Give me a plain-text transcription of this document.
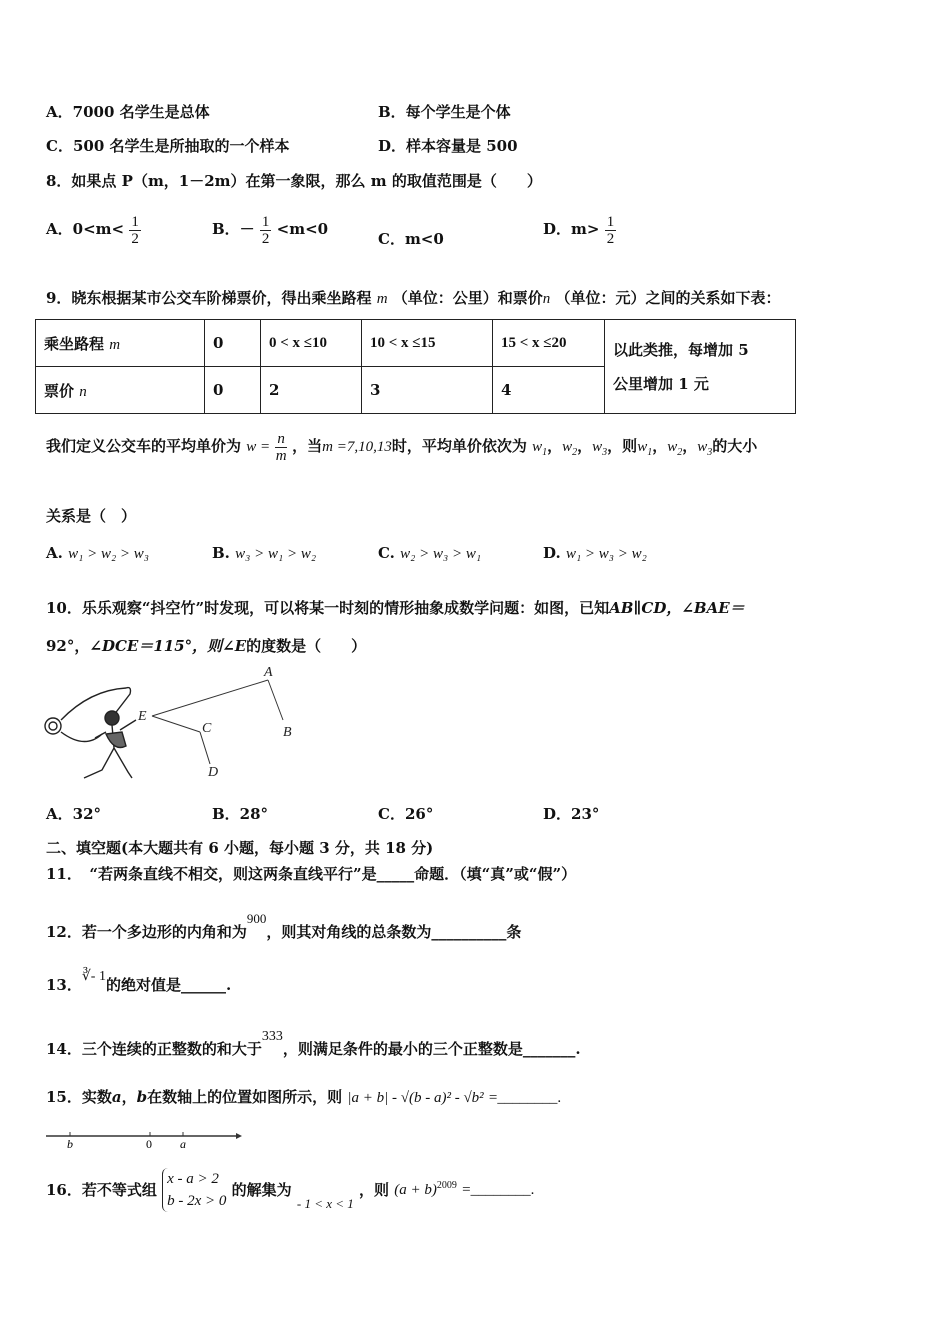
A．7000 名学生是总体	B．每个学生是个体
C．500 名学生是所抽取的一个样本	D．样本容量是 500
8．如果点 P（m，1－2m）在第一象限，那么 m 的取值范围是（　　）
A．$0<m< \frac{1}{2}$	B．－ $\frac{1}{2} <m<0$
C．m<0
D．$m> \frac{1}{2}$
9．晓东根据某市公交车阶梯票价，得出乘坐路程 m （单位：公里）和票价n （单位：元）之间的关系如下表：
乘坐路程 m	0	0 < x ≤10	10 < x ≤15	15 < x ≤20	以此类推，每增加 5
公里增加 1 元

票价 n	0	2	3	4	
我们定义公交车的平均单价为 $w = \frac{n}{m}$ ，当m =7,10,13时，平均单价依次为 $w_1$，$w_2$，$w_3$，则$w_1$，$w_2$，$w_3$的大小
关系是（　）
A. w₁ > w₂ > w₃	B. w₃ > w₁ > w₂	C. w₂ > w₃ > w₁	D. w₁ > w₃ > w₂
10．乐乐观察“抖空竹”时发现，可以将某一时刻的情形抽象成数学问题：如图，已知AB∥CD，∠BAE＝
92°，∠DCE＝115°，则∠E的度数是（　　）
A
B
C
D
E
A．32°	B．28°	C．26°	D．23°
二、填空题(本大题共有 6 小题，每小题 3 分，共 18 分)
11．　“若两条直线不相交，则这两条直线平行”是_____命题．（填“真”或“假”）
12．若一个多边形的内角和为$^{900}$，则其对角线的总条数为__________条
13．∛- 1的绝对值是______.
14．三个连续的正整数的和大于$^{333}$，则满足条件的最小的三个正整数是_______.
15．实数a，b在数轴上的位置如图所示，则 |a + b| - √(b - a)² - √b² =________.
b	0 a
16．若不等式组
x - a > 2
b - 2x > 0
的解集为 - 1 < x < 1 ，则 $(a + b)^{2009}$ =________.
